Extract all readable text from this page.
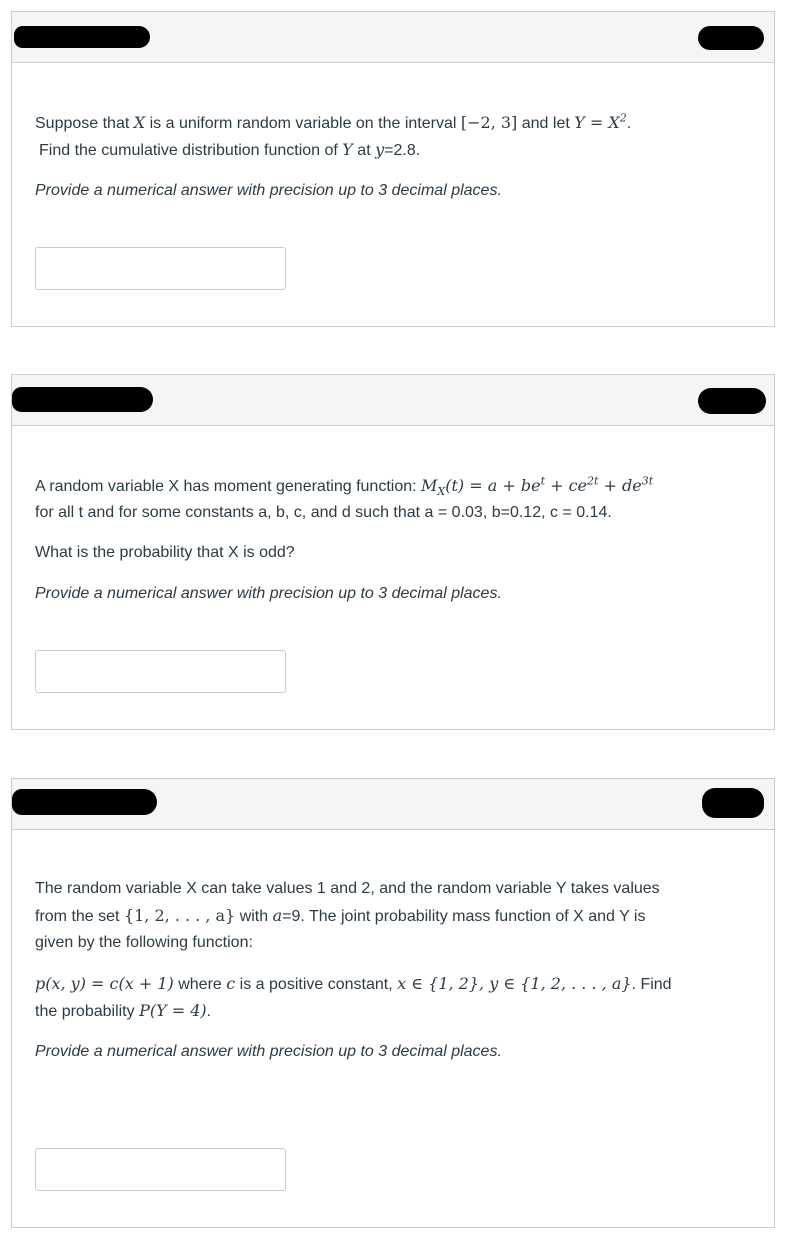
Suppose that X is a uniform random variable on the interval [−2, 3] and let $Y = X^2$.
Find the cumulative distribution function of Y at y=2.8.
Provide a numerical answer with precision up to 3 decimal places.
A random variable X has moment generating function: $M_X(t) = a + be^t + ce^{2t} + de^{3t}$
for all t and for some constants a, b, c, and d such that a = 0.03, b=0.12, c = 0.14.
What is the probability that X is odd?
Provide a numerical answer with precision up to 3 decimal places.
The random variable X can take values 1 and 2, and the random variable Y takes values
from the set {1, 2, . . . , a} with a=9. The joint probability mass function of X and Y is
given by the following function:
p(x, y) = c(x + 1) where c is a positive constant, x ∈ {1, 2}, y ∈ {1, 2, . . . , a}. Find
the probability P(Y = 4).
Provide a numerical answer with precision up to 3 decimal places.
